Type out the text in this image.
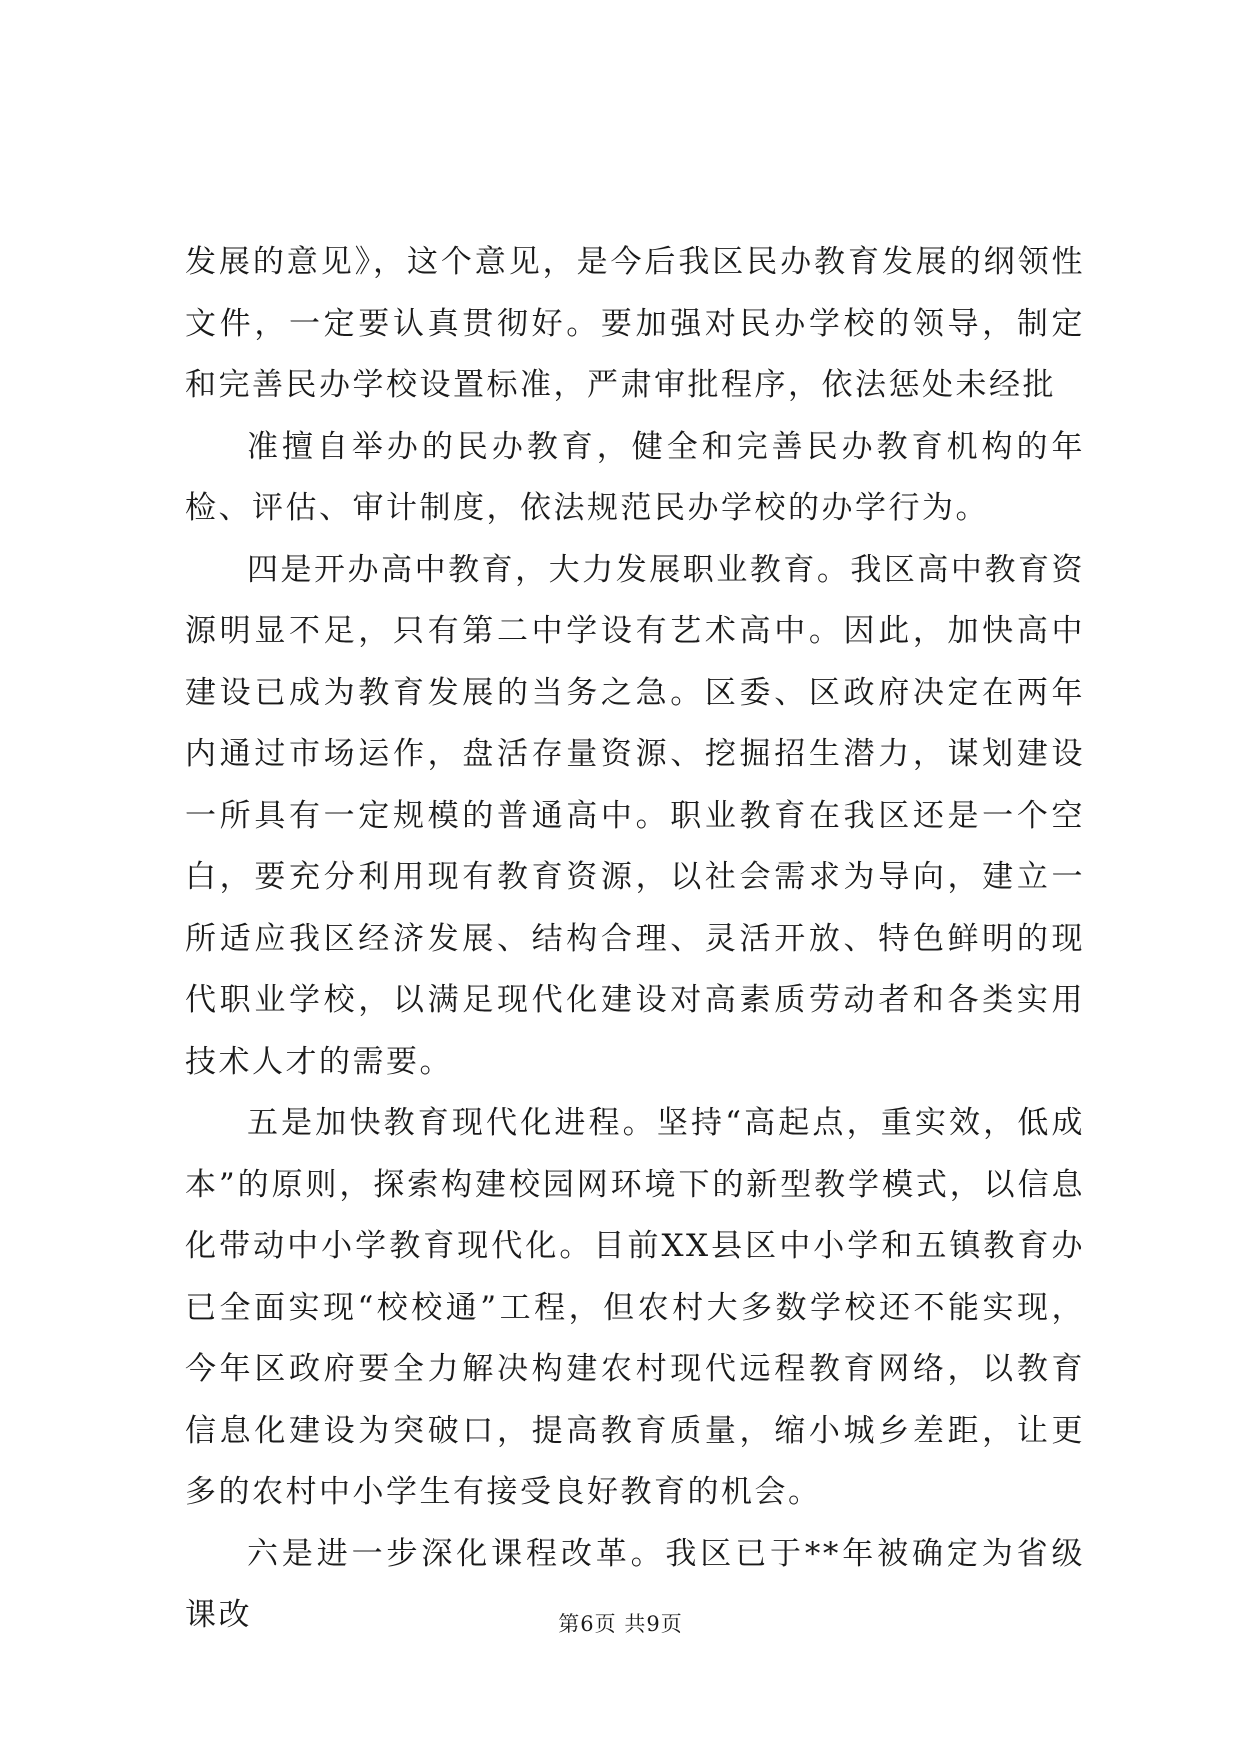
发展的意见》，这个意见，是今后我区民办教育发展的纲领性文件，一定要认真贯彻好。要加强对民办学校的领导，制定和完善民办学校设置标准，严肃审批程序，依法惩处未经批

准擅自举办的民办教育，健全和完善民办教育机构的年检、评估、审计制度，依法规范民办学校的办学行为。

四是开办高中教育，大力发展职业教育。我区高中教育资源明显不足，只有第二中学设有艺术高中。因此，加快高中建设已成为教育发展的当务之急。区委、区政府决定在两年内通过市场运作，盘活存量资源、挖掘招生潜力，谋划建设一所具有一定规模的普通高中。职业教育在我区还是一个空白，要充分利用现有教育资源，以社会需求为导向，建立一所适应我区经济发展、结构合理、灵活开放、特色鲜明的现代职业学校，以满足现代化建设对高素质劳动者和各类实用技术人才的需要。

五是加快教育现代化进程。坚持“高起点，重实效，低成本”的原则，探索构建校园网环境下的新型教学模式，以信息化带动中小学教育现代化。目前XX县区中小学和五镇教育办已全面实现“校校通”工程，但农村大多数学校还不能实现，今年区政府要全力解决构建农村现代远程教育网络，以教育信息化建设为突破口，提高教育质量，缩小城乡差距，让更多的农村中小学生有接受良好教育的机会。

六是进一步深化课程改革。我区已于**年被确定为省级课改	第6页 共9页
